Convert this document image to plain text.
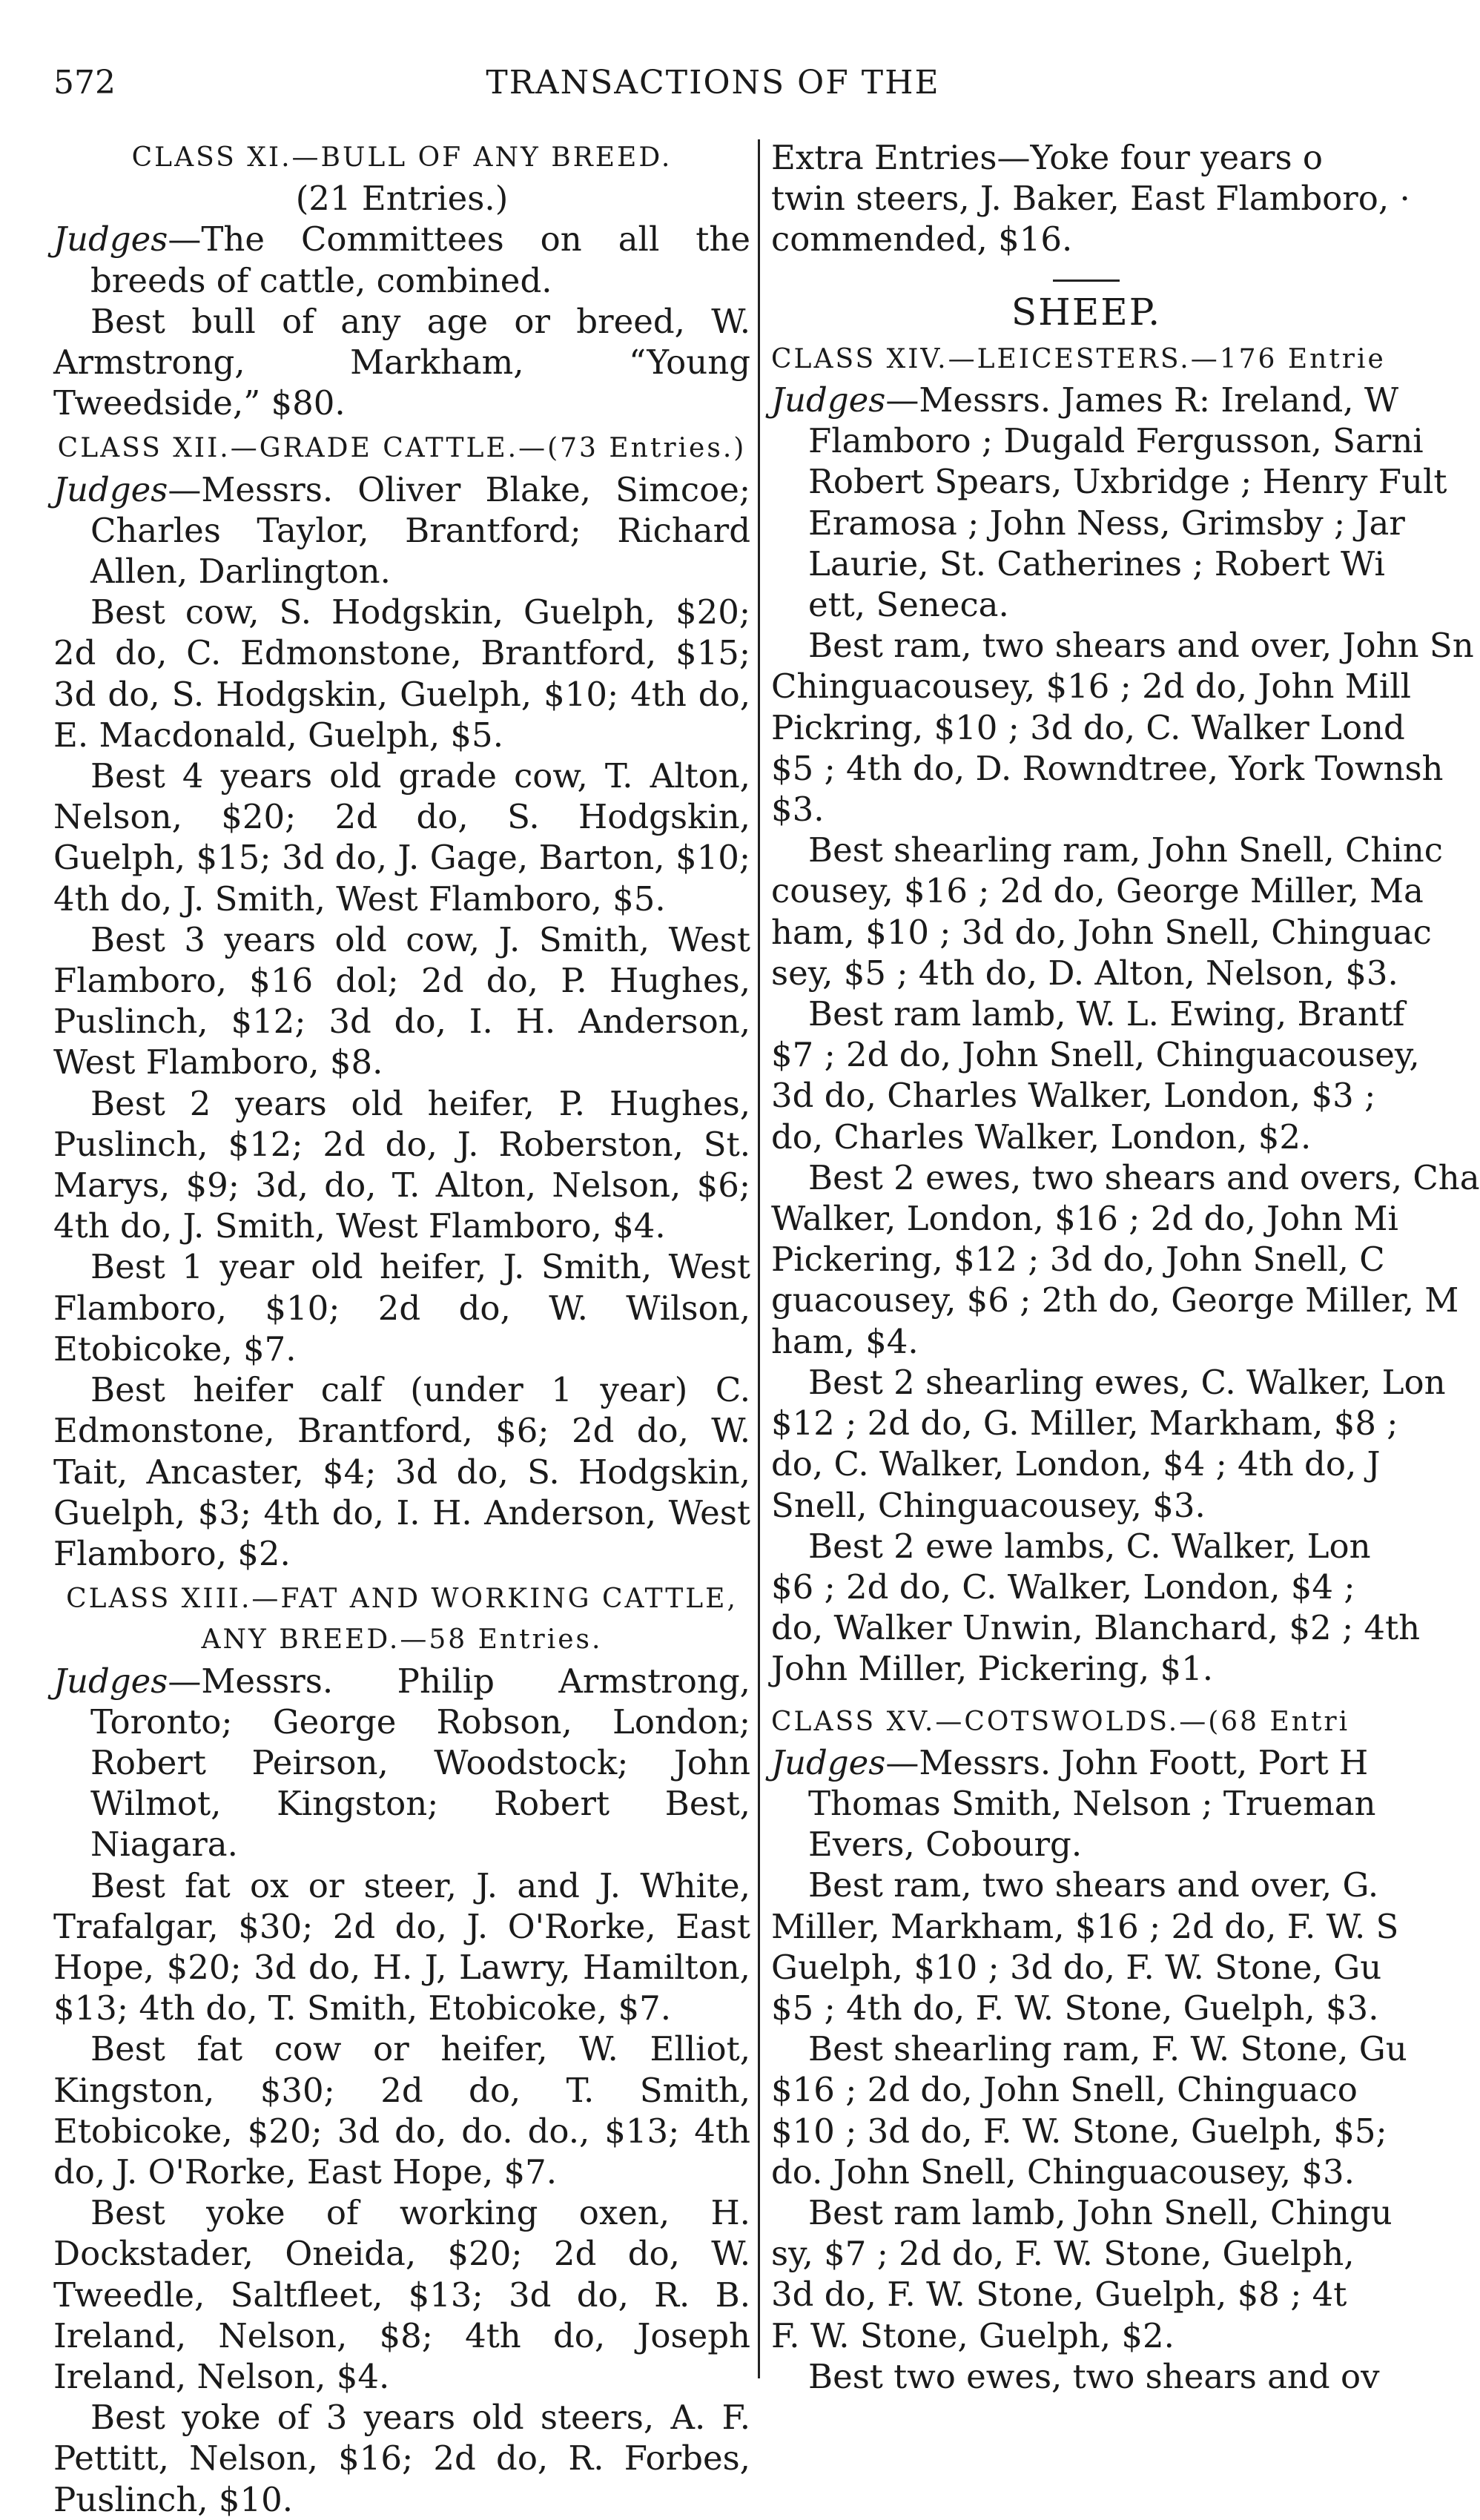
572	TRANSACTIONS OF THE

CLASS XI.—BULL OF ANY BREED.

(21 Entries.)

Judges—The Committees on all the breeds of cattle, combined.

Best bull of any age or breed, W. Armstrong, Markham, “Young Tweedside,” $80.

CLASS XII.—GRADE CATTLE.—(73 Entries.)

Judges—Messrs. Oliver Blake, Simcoe; Charles Taylor, Brantford; Richard Allen, Darlington.

Best cow, S. Hodgskin, Guelph, $20; 2d do, C. Edmonstone, Brantford, $15; 3d do, S. Hodgskin, Guelph, $10; 4th do, E. Macdonald, Guelph, $5.

Best 4 years old grade cow, T. Alton, Nelson, $20; 2d do, S. Hodgskin, Guelph, $15; 3d do, J. Gage, Barton, $10; 4th do, J. Smith, West Flamboro, $5.

Best 3 years old cow, J. Smith, West Flamboro, $16 dol; 2d do, P. Hughes, Puslinch, $12; 3d do, I. H. Anderson, West Flamboro, $8.

Best 2 years old heifer, P. Hughes, Puslinch, $12; 2d do, J. Roberston, St. Marys, $9; 3d, do, T. Alton, Nelson, $6; 4th do, J. Smith, West Flamboro, $4.

Best 1 year old heifer, J. Smith, West Flamboro, $10; 2d do, W. Wilson, Etobicoke, $7.

Best heifer calf (under 1 year) C. Edmonstone, Brantford, $6; 2d do, W. Tait, Ancaster, $4; 3d do, S. Hodgskin, Guelph, $3; 4th do, I. H. Anderson, West Flamboro, $2.

CLASS XIII.—FAT AND WORKING CATTLE, ANY BREED.—58 Entries.

Judges—Messrs. Philip Armstrong, Toronto; George Robson, London; Robert Peirson, Woodstock; John Wilmot, Kingston; Robert Best, Niagara.

Best fat ox or steer, J. and J. White, Trafalgar, $30; 2d do, J. O'Rorke, East Hope, $20; 3d do, H. J, Lawry, Hamilton, $13; 4th do, T. Smith, Etobicoke, $7.

Best fat cow or heifer, W. Elliot, Kingston, $30; 2d do, T. Smith, Etobicoke, $20; 3d do, do. do., $13; 4th do, J. O'Rorke, East Hope, $7.

Best yoke of working oxen, H. Dockstader, Oneida, $20; 2d do, W. Tweedle, Saltfleet, $13; 3d do, R. B. Ireland, Nelson, $8; 4th do, Joseph Ireland, Nelson, $4.

Best yoke of 3 years old steers, A. F. Pettitt, Nelson, $16; 2d do, R. Forbes, Puslinch, $10.

Extra Entries—Yoke four years o
twin steers, J. Baker, East Flamboro, ·
commended, $16.

SHEEP.

CLASS XIV.—LEICESTERS.—176 Entrie
Judges—Messrs. James R: Ireland, W
Flamboro ; Dugald Fergusson, Sarni
Robert Spears, Uxbridge ; Henry Fult
Eramosa ; John Ness, Grimsby ; Jar
Laurie, St. Catherines ; Robert Wi
ett, Seneca.
Best ram, two shears and over, John Sn
Chinguacousey, $16 ; 2d do, John Mill
Pickring, $10 ; 3d do, C. Walker Lond
$5 ; 4th do, D. Rowndtree, York Townsh
$3.
Best shearling ram, John Snell, Chinc
cousey, $16 ; 2d do, George Miller, Ma
ham, $10 ; 3d do, John Snell, Chinguac
sey, $5 ; 4th do, D. Alton, Nelson, $3.
Best ram lamb, W. L. Ewing, Brantf
$7 ; 2d do, John Snell, Chinguacousey,
3d do, Charles Walker, London, $3 ;
do, Charles Walker, London, $2.
Best 2 ewes, two shears and overs, Cha
Walker, London, $16 ; 2d do, John Mi
Pickering, $12 ; 3d do, John Snell, C
guacousey, $6 ; 2th do, George Miller, M
ham, $4.
Best 2 shearling ewes, C. Walker, Lon
$12 ; 2d do, G. Miller, Markham, $8 ;
do, C. Walker, London, $4 ; 4th do, J
Snell, Chinguacousey, $3.
Best 2 ewe lambs, C. Walker, Lon
$6 ; 2d do, C. Walker, London, $4 ;
do, Walker Unwin, Blanchard, $2 ; 4th
John Miller, Pickering, $1.
CLASS XV.—COTSWOLDS.—(68 Entri
Judges—Messrs. John Foott, Port H
Thomas Smith, Nelson ; Trueman
Evers, Cobourg.
Best ram, two shears and over, G.
Miller, Markham, $16 ; 2d do, F. W. S
Guelph, $10 ; 3d do, F. W. Stone, Gu
$5 ; 4th do, F. W. Stone, Guelph, $3.
Best shearling ram, F. W. Stone, Gu
$16 ; 2d do, John Snell, Chinguaco
$10 ; 3d do, F. W. Stone, Guelph, $5;
do. John Snell, Chinguacousey, $3.
Best ram lamb, John Snell, Chingu
sy, $7 ; 2d do, F. W. Stone, Guelph,
3d do, F. W. Stone, Guelph, $8 ; 4t
F. W. Stone, Guelph, $2.
Best two ewes, two shears and ov
